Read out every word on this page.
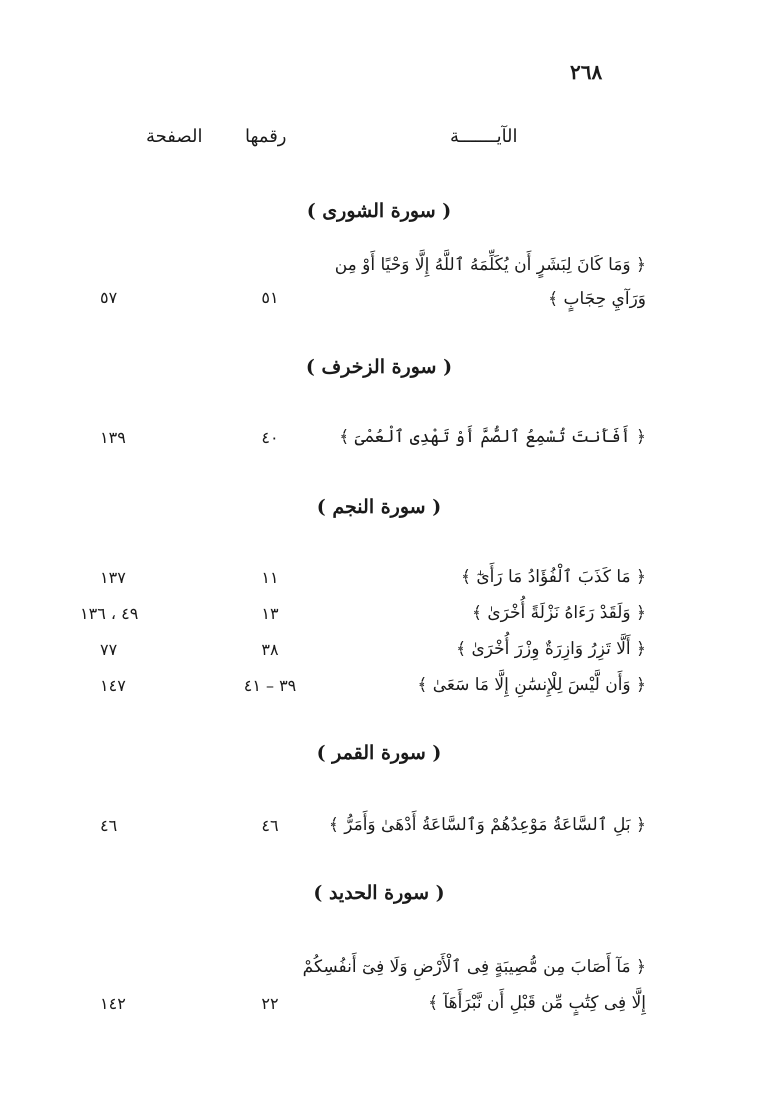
٢٦٨
الآيـــــــة
رقمها
الصفحة
( سورة الشورى )
﴿ وَمَا كَانَ لِبَشَرٍ أَن يُكَلِّمَهُ ٱللَّهُ إِلَّا وَحْيًا أَوْ مِن
وَرَآيِ حِجَابٍ ﴾
٥١
٥٧
( سورة الزخرف )
﴿ أَفَأَنتَ تُسْمِعُ ٱلصُّمَّ أَوْ تَهْدِى ٱلْعُمْىَ ﴾
٤٠
١٣٩
( سورة النجم )
﴿ مَا كَذَبَ ٱلْفُؤَادُ مَا رَأَىٰٓ ﴾
١١
١٣٧
﴿ وَلَقَدْ رَءَاهُ نَزْلَةً أُخْرَىٰ ﴾
١٣
٤٩ ، ١٣٦
﴿ أَلَّا تَزِرُ وَازِرَةٌ وِزْرَ أُخْرَىٰ ﴾
٣٨
٧٧
﴿ وَأَن لَّيْسَ لِلْإِنسَٰنِ إِلَّا مَا سَعَىٰ ﴾
٣٩ – ٤١
١٤٧
( سورة القمر )
﴿ بَلِ ٱلسَّاعَةُ مَوْعِدُهُمْ وَٱلسَّاعَةُ أَدْهَىٰ وَأَمَرُّ ﴾
٤٦
٤٦
( سورة الحديد )
﴿ مَآ أَصَابَ مِن مُّصِيبَةٍ فِى ٱلْأَرْضِ وَلَا فِىٓ أَنفُسِكُمْ
إِلَّا فِى كِتَٰبٍ مِّن قَبْلِ أَن نَّبْرَأَهَآ ﴾
٢٢
١٤٢
